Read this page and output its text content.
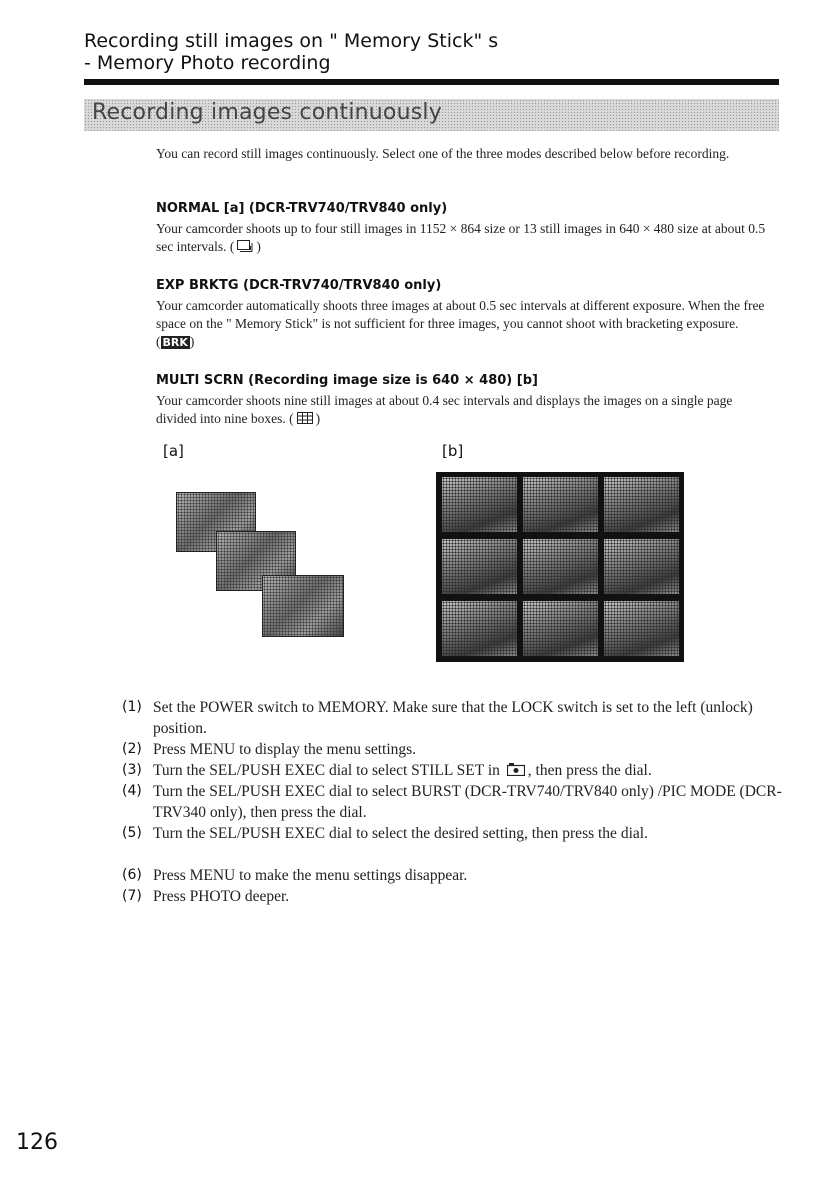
Recording still images on " Memory Stick" s
- Memory Photo recording
Recording images continuously
You can record still images continuously. Select one of the three modes described below before recording.
NORMAL [a] (DCR-TRV740/TRV840 only)
Your camcorder shoots up to four still images in 1152 × 864 size or 13 still images in 640 × 480 size at about 0.5 sec intervals. ( )
EXP BRKTG (DCR-TRV740/TRV840 only)
Your camcorder automatically shoots three images at about 0.5 sec intervals at different exposure. When the free space on the " Memory Stick" is not sufficient for three images, you cannot shoot with bracketing exposure. ( BRK )
MULTI SCRN (Recording image size is 640 × 480) [b]
Your camcorder shoots nine still images at about 0.4 sec intervals and displays the images on a single page divided into nine boxes. ( )
[a]	[b]
(1) Set the POWER switch to MEMORY. Make sure that the LOCK switch is set to the left (unlock) position.
(2) Press MENU to display the menu settings.
(3) Turn the SEL/PUSH EXEC dial to select STILL SET in , then press the dial.
(4) Turn the SEL/PUSH EXEC dial to select BURST (DCR-TRV740/TRV840 only) /PIC MODE (DCR-TRV340 only), then press the dial.
(5) Turn the SEL/PUSH EXEC dial to select the desired setting, then press the dial.
(6) Press MENU to make the menu settings disappear.
(7) Press PHOTO deeper.
126
